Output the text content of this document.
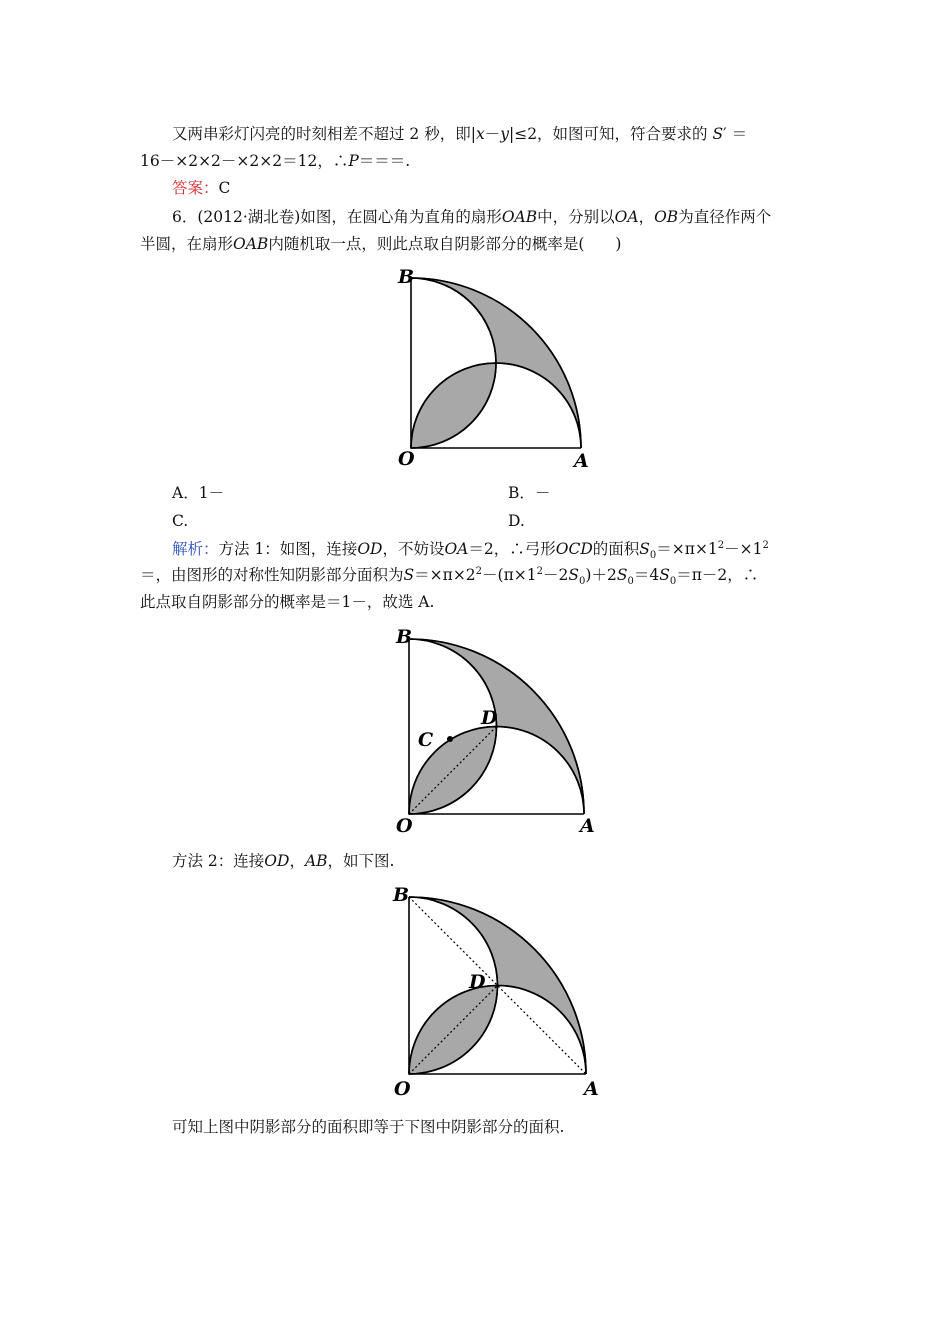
又两串彩灯闪亮的时刻相差不超过 2 秒，即|x－y|≤2，如图可知，符合要求的 S′ ＝
16－×2×2－×2×2＝12，∴P＝＝＝.
答案：C
6．(2012·湖北卷)如图，在圆心角为直角的扇形OAB中，分别以OA，OB为直径作两个
半圆，在扇形OAB内随机取一点，则此点取自阴影部分的概率是(　　)
B
O	A
A．1－	B．－
C.	D.
解析：方法 1：如图，连接OD，不妨设OA＝2，∴弓形OCD的面积$S_0=\times\pi\times 1^2-\times 1^2$
＝，由图形的对称性知阴影部分面积为$S=\times\pi\times 2^2-(\pi\times 1^2-2S_0)+2S_0=4S_0=\pi-2$，∴
此点取自阴影部分的概率是＝1－，故选 A.
B
O	A
C
D
方法 2：连接OD，AB，如下图.
B
O	A
D
可知上图中阴影部分的面积即等于下图中阴影部分的面积.
